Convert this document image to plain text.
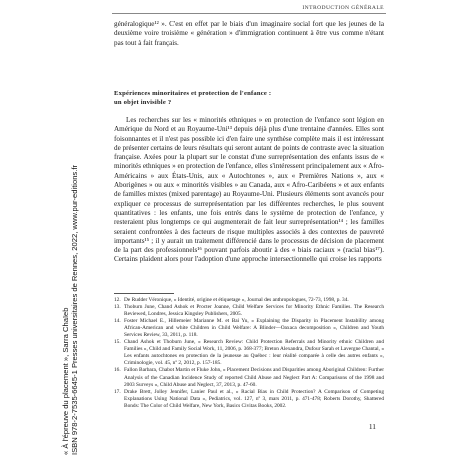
INTRODUCTION GÉNÉRALE

généralogique¹² ». C'est en effet par le biais d'un imaginaire social fort que les jeunes de la deuxième voire troisième « génération » d'immigration continuent à être vus comme n'étant pas tout à fait français.

Expériences minoritaires et protection de l'enfance :
un objet invisible ?

Les recherches sur les « minorités ethniques » en protection de l'enfance sont légion en Amérique du Nord et au Royaume-Uni¹³ depuis déjà plus d'une trentaine d'années. Elles sont foisonnantes et il n'est pas possible ici d'en faire une synthèse complète mais il est intéressant de présenter certains de leurs résultats qui seront autant de points de contraste avec la situation française. Axées pour la plupart sur le constat d'une surreprésentation des enfants issus de « minorités ethniques » en protection de l'enfance, elles s'intéressent principalement aux « Afro-Américains » aux États-Unis, aux « Autochtones », aux « Premières Nations », aux « Aborigènes » ou aux « minorités visibles » au Canada, aux « Afro-Caribéens » et aux enfants de familles mixtes (mixed parentage) au Royaume-Uni. Plusieurs éléments sont avancés pour expliquer ce processus de surreprésentation par les différentes recherches, le plus souvent quantitatives : les enfants, une fois entrés dans le système de protection de l'enfance, y resteraient plus longtemps ce qui augmenterait de fait leur surreprésentation¹⁴ ; les familles seraient confrontées à des facteurs de risque multiples associés à des contextes de pauvreté importants¹⁵ ; il y aurait un traitement différencié dans le processus de décision de placement de la part des professionnels¹⁶ pouvant parfois aboutir à des « biais raciaux » (racial bias¹⁷). Certains plaident alors pour l'adoption d'une approche intersectionnelle qui croise les rapports

12. De Rudder Véronique, « Identité, origine et étiquetage », Journal des anthropologues, 72-73, 1998, p. 34.

13. Thoburn June, Chand Ashok et Procter Joanne, Child Welfare Services for Minority Ethnic Families. The Research Reviewed, Londres, Jessica Kingsley Publishers, 2005.

14. Foster Michael E., Hillemeier Marianne M. et Bai Yu, « Explaining the Disparity in Placement Instability among African-American and white Children in Child Welfare: A Blinder—Oaxaca decomposition », Children and Youth Services Review, 33, 2011, p. 118.

15. Chand Ashok et Thoburn June, « Research Review: Child Protection Referrals and Minority ethnic Children and Families », Child and Family Social Work, 11, 2006, p. 368-377; Breton Alexandra, Dufour Sarah et Lavergne Chantal, « Les enfants autochtones en protection de la jeunesse au Québec : leur réalité comparée à celle des autres enfants », Criminologie, vol. 45, nº 2, 2012, p. 157-185.

16. Fallon Barbara, Chabot Martin et Fluke John, « Placement Decisions and Disparities among Aboriginal Children: Further Analysis of the Canadian Incidence Study of reported Child Abuse and Neglect Part A: Comparisons of the 1998 and 2003 Surveys », Child Abuse and Neglect, 37, 2013, p. 47-60.

17. Drake Brett, Jolley Jennifer, Lanier Paul et al., « Racial Bias in Child Protection? A Comparison of Competing Explanations Using National Data », Pediatrics, vol. 127, nº 3, mars 2011, p. 471-478; Roberts Dorothy, Shattered Bonds: The Color of Child Welfare, New York, Basics Civitas Books, 2002.

11
« À l'épreuve du placement », Sarra Chaïeb ISBN 978-2-7535-6645-1 Presses universitaires de Rennes, 2022, www.pur-editions.fr
